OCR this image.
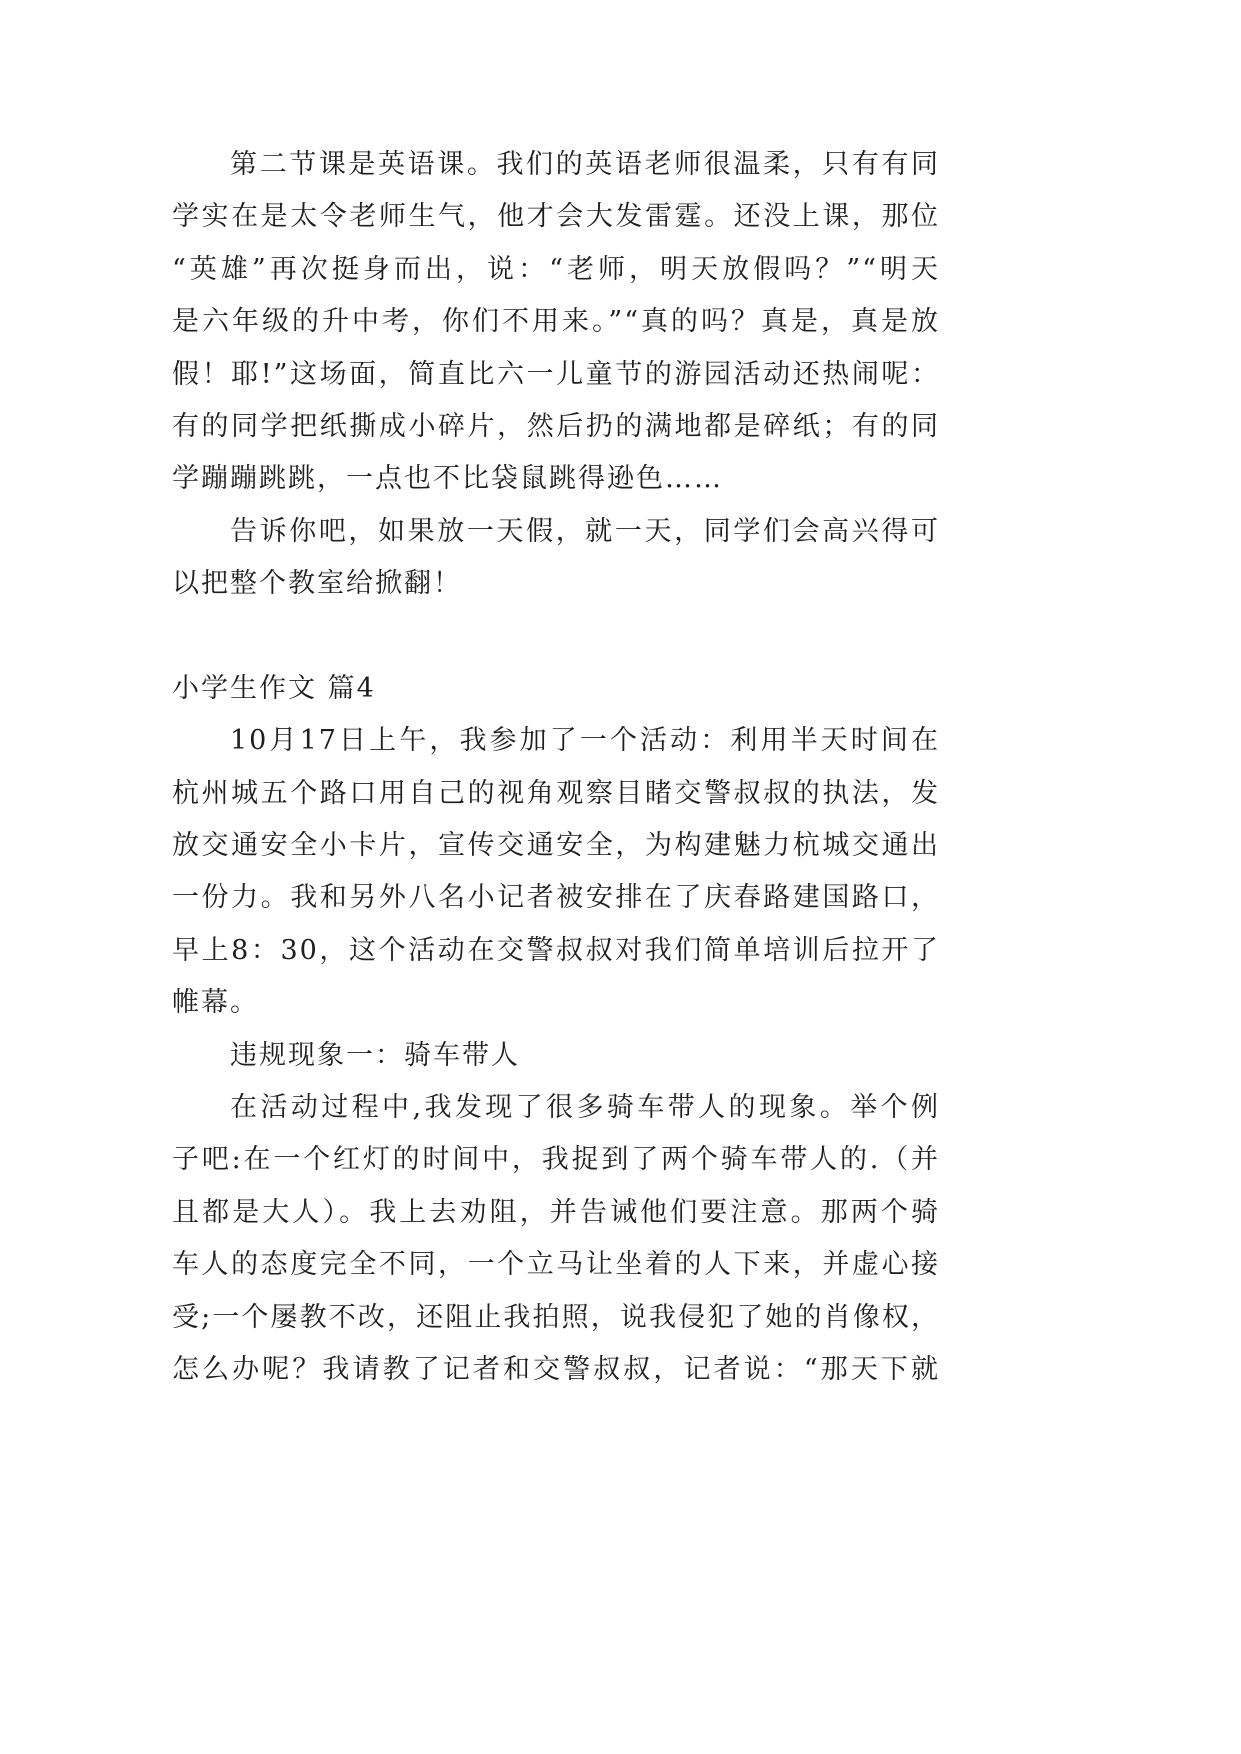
第二节课是英语课。我们的英语老师很温柔，只有有同
学实在是太令老师生气，他才会大发雷霆。还没上课，那位
“英雄”再次挺身而出，说：“老师，明天放假吗？”“明天
是六年级的升中考，你们不用来。”“真的吗？真是，真是放
假！耶!”这场面，简直比六一儿童节的游园活动还热闹呢：
有的同学把纸撕成小碎片，然后扔的满地都是碎纸；有的同
学蹦蹦跳跳，一点也不比袋鼠跳得逊色……
告诉你吧，如果放一天假，就一天，同学们会高兴得可
以把整个教室给掀翻！
小学生作文 篇4
10月17日上午，我参加了一个活动：利用半天时间在
杭州城五个路口用自己的视角观察目睹交警叔叔的执法，发
放交通安全小卡片，宣传交通安全，为构建魅力杭城交通出
一份力。我和另外八名小记者被安排在了庆春路建国路口，
早上8：30，这个活动在交警叔叔对我们简单培训后拉开了
帷幕。
违规现象一：骑车带人
在活动过程中,我发现了很多骑车带人的现象。举个例
子吧:在一个红灯的时间中，我捉到了两个骑车带人的.（并
且都是大人）。我上去劝阻，并告诫他们要注意。那两个骑
车人的态度完全不同，一个立马让坐着的人下来，并虚心接
受;一个屡教不改，还阻止我拍照，说我侵犯了她的肖像权，
怎么办呢？我请教了记者和交警叔叔，记者说：“那天下就
